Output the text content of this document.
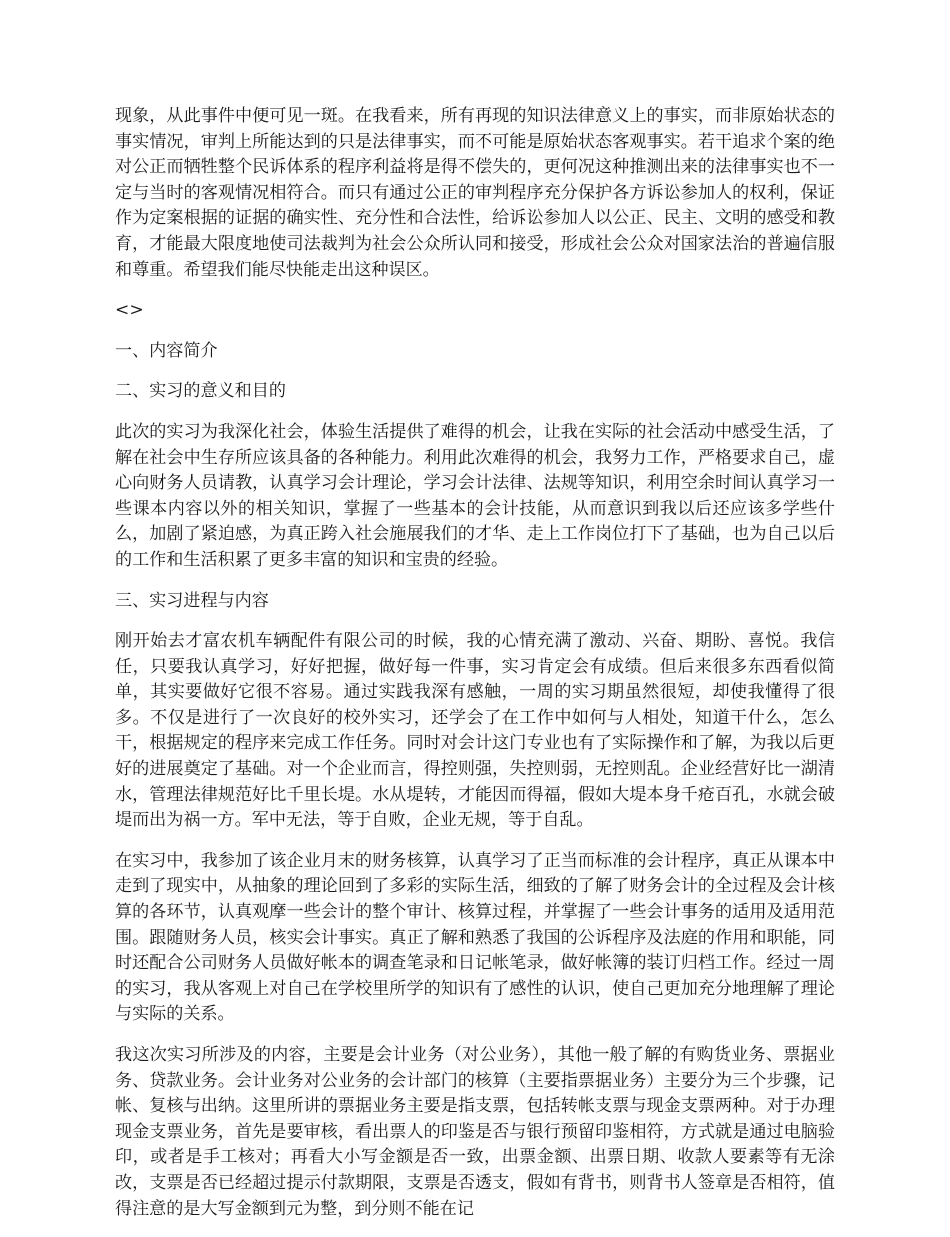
现象，从此事件中便可见一斑。在我看来，所有再现的知识法律意义上的事实，而非原始状态的事实情况，审判上所能达到的只是法律事实，而不可能是原始状态客观事实。若干追求个案的绝对公正而牺牲整个民诉体系的程序利益将是得不偿失的，更何况这种推测出来的法律事实也不一定与当时的客观情况相符合。而只有通过公正的审判程序充分保护各方诉讼参加人的权利，保证作为定案根据的证据的确实性、充分性和合法性，给诉讼参加人以公正、民主、文明的感受和教育，才能最大限度地使司法裁判为社会公众所认同和接受，形成社会公众对国家法治的普遍信服和尊重。希望我们能尽快能走出这种误区。

<>

一、内容简介

二、实习的意义和目的

此次的实习为我深化社会，体验生活提供了难得的机会，让我在实际的社会活动中感受生活，了解在社会中生存所应该具备的各种能力。利用此次难得的机会，我努力工作，严格要求自己，虚心向财务人员请教，认真学习会计理论，学习会计法律、法规等知识，利用空余时间认真学习一些课本内容以外的相关知识，掌握了一些基本的会计技能，从而意识到我以后还应该多学些什么，加剧了紧迫感，为真正跨入社会施展我们的才华、走上工作岗位打下了基础，也为自己以后的工作和生活积累了更多丰富的知识和宝贵的经验。

三、实习进程与内容

刚开始去才富农机车辆配件有限公司的时候，我的心情充满了激动、兴奋、期盼、喜悦。我信任，只要我认真学习，好好把握，做好每一件事，实习肯定会有成绩。但后来很多东西看似简单，其实要做好它很不容易。通过实践我深有感触，一周的实习期虽然很短，却使我懂得了很多。不仅是进行了一次良好的校外实习，还学会了在工作中如何与人相处，知道干什么，怎么干，根据规定的程序来完成工作任务。同时对会计这门专业也有了实际操作和了解，为我以后更好的进展奠定了基础。对一个企业而言，得控则强，失控则弱，无控则乱。企业经营好比一湖清水，管理法律规范好比千里长堤。水从堤转，才能因而得福，假如大堤本身千疮百孔，水就会破堤而出为祸一方。军中无法，等于自败，企业无规，等于自乱。

在实习中，我参加了该企业月末的财务核算，认真学习了正当而标准的会计程序，真正从课本中走到了现实中，从抽象的理论回到了多彩的实际生活，细致的了解了财务会计的全过程及会计核算的各环节，认真观摩一些会计的整个审计、核算过程，并掌握了一些会计事务的适用及适用范围。跟随财务人员，核实会计事实。真正了解和熟悉了我国的公诉程序及法庭的作用和职能，同时还配合公司财务人员做好帐本的调查笔录和日记帐笔录，做好帐簿的装订归档工作。经过一周的实习，我从客观上对自己在学校里所学的知识有了感性的认识，使自己更加充分地理解了理论与实际的关系。

我这次实习所涉及的内容，主要是会计业务（对公业务），其他一般了解的有购货业务、票据业务、贷款业务。会计业务对公业务的会计部门的核算（主要指票据业务）主要分为三个步骤，记帐、复核与出纳。这里所讲的票据业务主要是指支票，包括转帐支票与现金支票两种。对于办理现金支票业务，首先是要审核，看出票人的印鉴是否与银行预留印鉴相符，方式就是通过电脑验印，或者是手工核对；再看大小写金额是否一致，出票金额、出票日期、收款人要素等有无涂改，支票是否已经超过提示付款期限，支票是否透支，假如有背书，则背书人签章是否相符，值得注意的是大写金额到元为整，到分则不能在记
